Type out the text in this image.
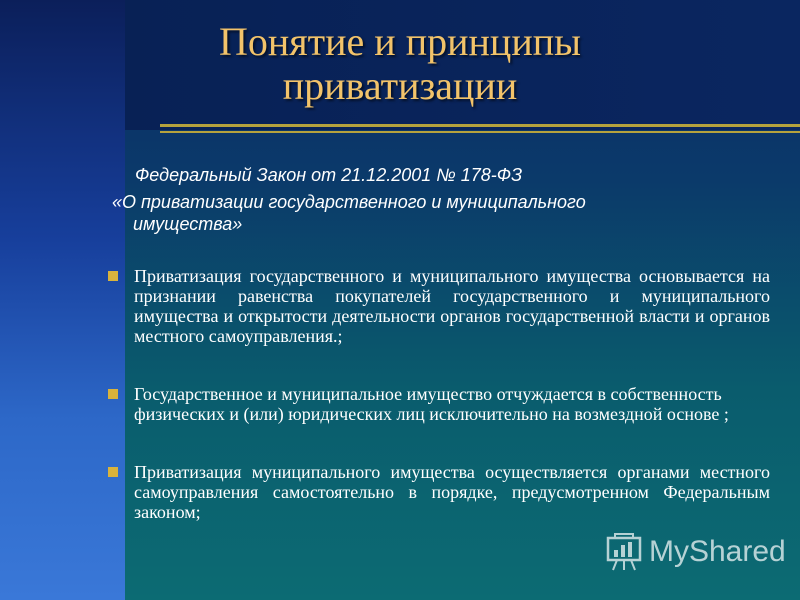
Понятие и принципы приватизации
Федеральный Закон от 21.12.2001 № 178-ФЗ
«О приватизации государственного и муниципального
имущества»
Приватизация государственного и муниципального имущества основывается на признании равенства покупателей государственного и муниципального имущества и открытости деятельности органов государственной власти и органов местного самоуправления.;
Государственное и муниципальное имущество отчуждается в собственность физических и (или) юридических лиц исключительно на возмездной основе ;
Приватизация муниципального имущества осуществляется органами местного самоуправления самостоятельно в порядке, предусмотренном Федеральным законом;
MyShared
